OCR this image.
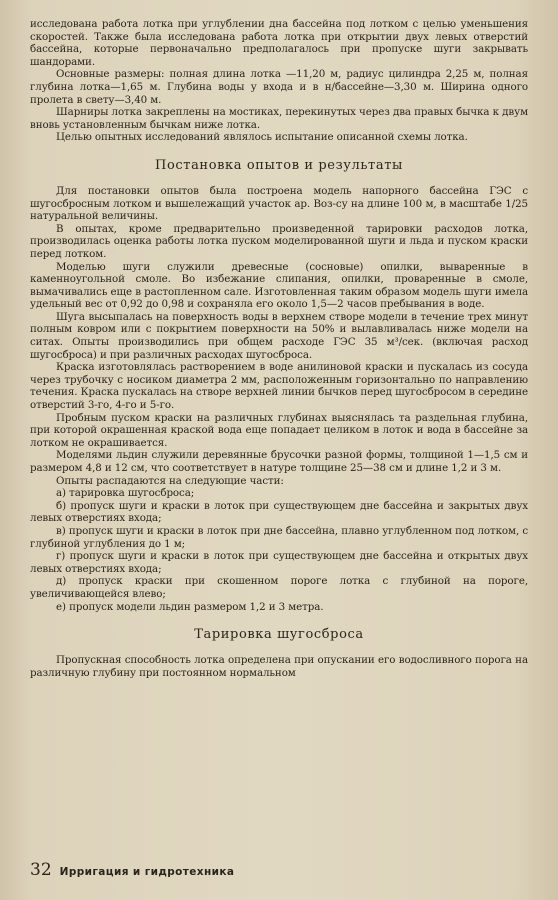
исследована работа лотка при углублении дна бассейна под лотком с целью уменьшения скоростей. Также была исследована работа лотка при открытии двух левых отверстий бассейна, которые первоначально предполагалось при пропуске шуги закрывать шандорами.

Основные размеры: полная длина лотка —11,20 м, радиус цилиндра 2,25 м, полная глубина лотка—1,65 м. Глубина воды у входа и в н/бассейне—3,30 м. Ширина одного пролета в свету—3,40 м.

Шарниры лотка закреплены на мостиках, перекинутых через два правых бычка к двум вновь установленным бычкам ниже лотка.

Целью опытных исследований являлось испытание описанной схемы лотка.

Постановка опытов и результаты

Для постановки опытов была построена модель напорного бассейна ГЭС с шугосбросным лотком и вышележащий участок ар. Воз-су на длине 100 м, в масштабе 1/25 натуральной величины.

В опытах, кроме предварительно произведенной тарировки расходов лотка, производилась оценка работы лотка пуском моделированной шуги и льда и пуском краски перед лотком.

Моделью шуги служили древесные (сосновые) опилки, вываренные в каменноугольной смоле. Во избежание слипания, опилки, проваренные в смоле, вымачивались еще в растопленном сале. Изготовленная таким образом модель шуги имела удельный вес от 0,92 до 0,98 и сохраняла его около 1,5—2 часов пребывания в воде.

Шуга высыпалась на поверхность воды в верхнем створе модели в течение трех минут полным ковром или с покрытием поверхности на 50% и вылавливалась ниже модели на ситах. Опыты производились при общем расходе ГЭС 35 м³/сек. (включая расход шугосброса) и при различных расходах шугосброса.

Краска изготовлялась растворением в воде анилиновой краски и пускалась из сосуда через трубочку с носиком диаметра 2 мм, расположенным горизонтально по направлению течения. Краска пускалась на створе верхней линии бычков перед шугосбросом в середине отверстий 3-го, 4-го и 5-го.

Пробным пуском краски на различных глубинах выяснялась та раздельная глубина, при которой окрашенная краской вода еще попадает целиком в лоток и вода в бассейне за лотком не окрашивается.

Моделями льдин служили деревянные брусочки разной формы, толщиной 1—1,5 см и размером 4,8 и 12 см, что соответствует в натуре толщине 25—38 см и длине 1,2 и 3 м.

Опыты распадаются на следующие части:

а) тарировка шугосброса;

б) пропуск шуги и краски в лоток при существующем дне бассейна и закрытых двух левых отверстиях входа;

в) пропуск шуги и краски в лоток при дне бассейна, плавно углубленном под лотком, с глубиной углубления до 1 м;

г) пропуск шуги и краски в лоток при существующем дне бассейна и открытых двух левых отверстиях входа;

д) пропуск краски при скошенном пороге лотка с глубиной на пороге, увеличивающейся влево;

е) пропуск модели льдин размером 1,2 и 3 метра.

Тарировка шугосброса

Пропускная способность лотка определена при опускании его водосливного порога на различную глубину при постоянном нормальном

32 Ирригация и гидротехника
